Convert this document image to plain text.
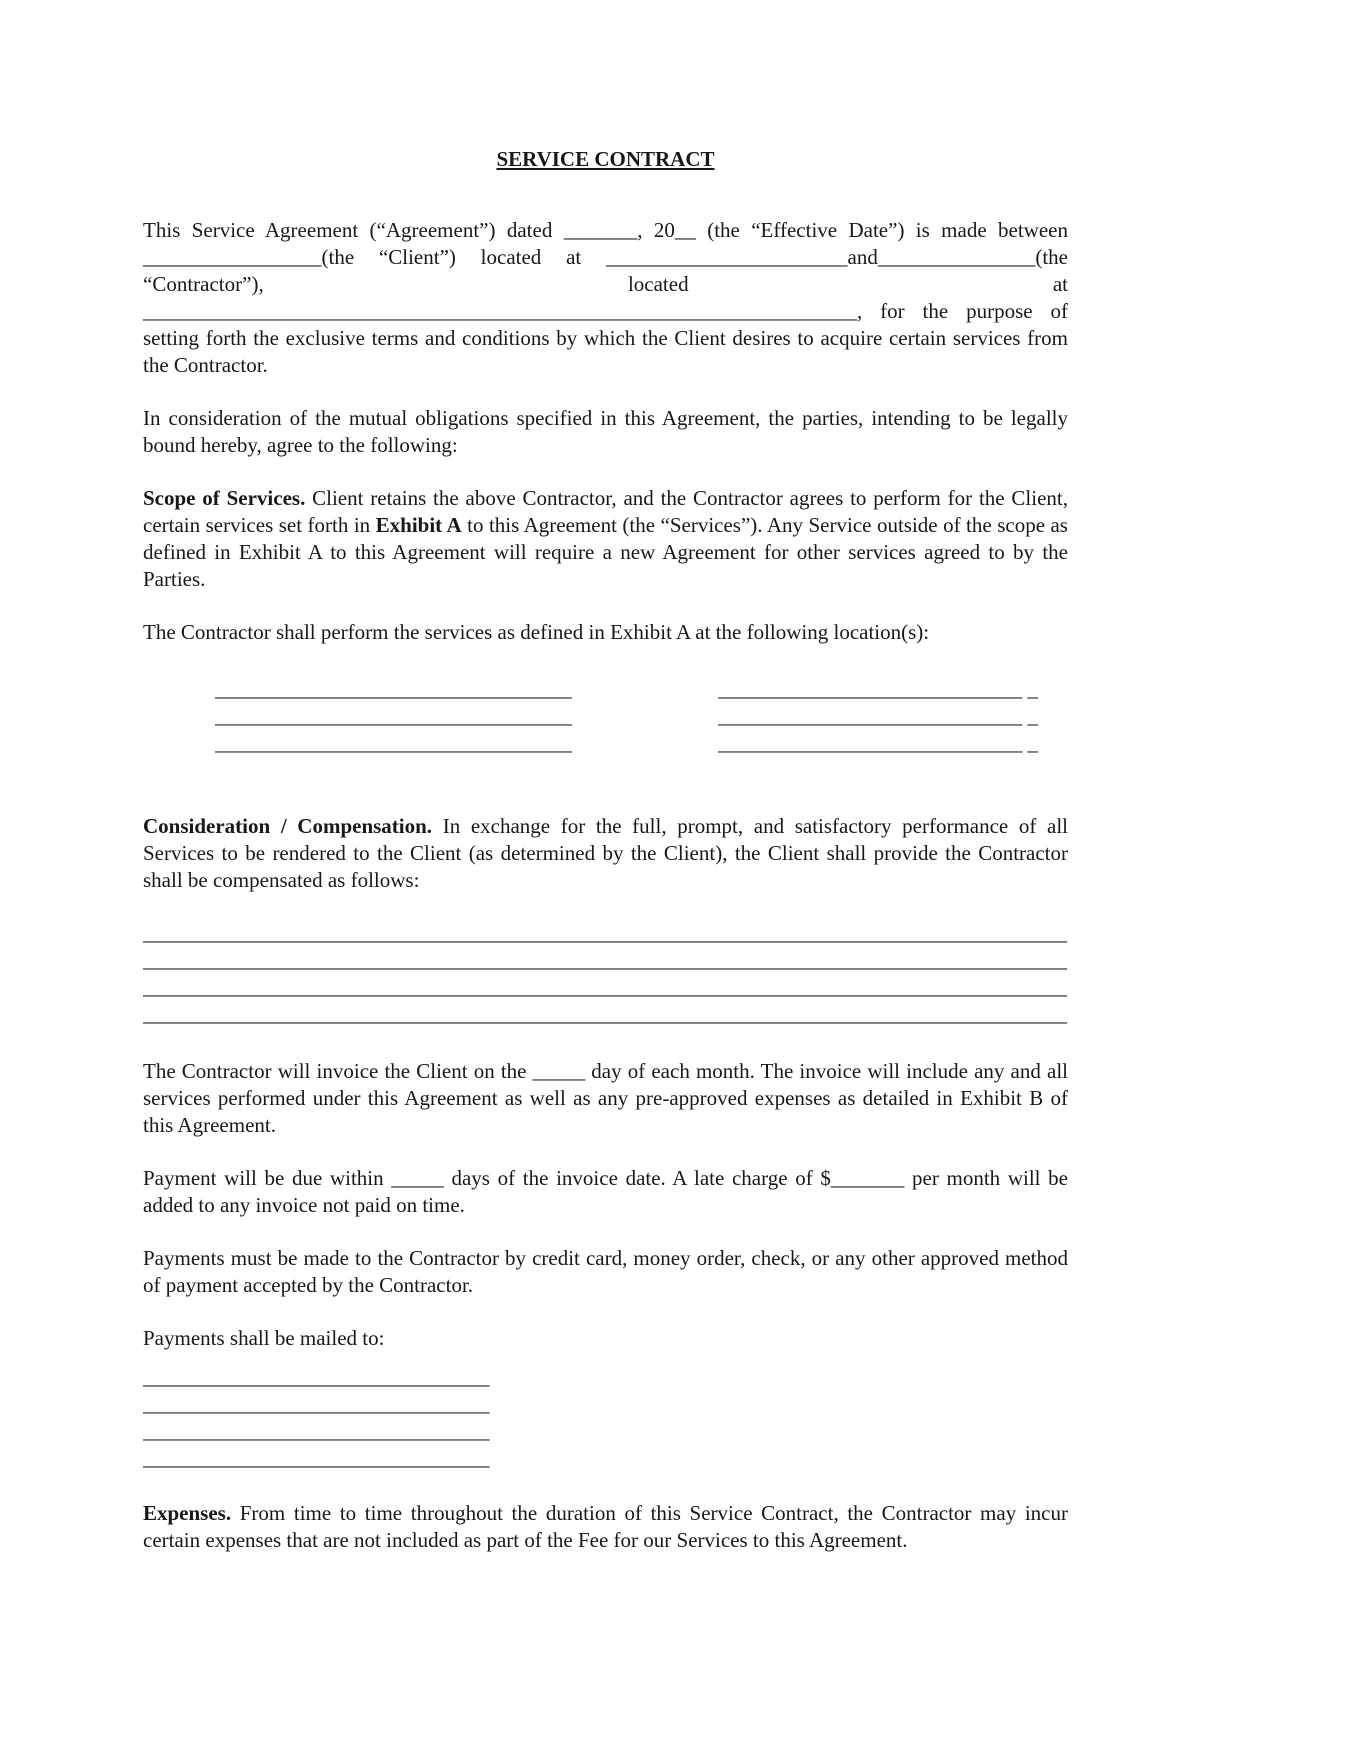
SERVICE CONTRACT

This Service Agreement (“Agreement”) dated _______, 20__ (the “Effective Date”) is made between _________________(the “Client”) located at _______________________and_______________(the “Contractor”), located at ____________________________________________________________________, for the purpose of setting forth the exclusive terms and conditions by which the Client desires to acquire certain services from the Contractor.

In consideration of the mutual obligations specified in this Agreement, the parties, intending to be legally bound hereby, agree to the following:

Scope of Services. Client retains the above Contractor, and the Contractor agrees to perform for the Client, certain services set forth in Exhibit A to this Agreement (the “Services”). Any Service outside of the scope as defined in Exhibit A to this Agreement will require a new Agreement for other services agreed to by the Parties.

The Contractor shall perform the services as defined in Exhibit A at the following location(s):

__________________________________
__________________________________
__________________________________
_____________________________ _
_____________________________ _
_____________________________ _

Consideration / Compensation. In exchange for the full, prompt, and satisfactory performance of all Services to be rendered to the Client (as determined by the Client), the Client shall provide the Contractor shall be compensated as follows:

________________________________________________________________________________________
________________________________________________________________________________________
________________________________________________________________________________________
________________________________________________________________________________________

The Contractor will invoice the Client on the _____ day of each month. The invoice will include any and all services performed under this Agreement as well as any pre-approved expenses as detailed in Exhibit B of this Agreement.

Payment will be due within _____ days of the invoice date. A late charge of $_______ per month will be added to any invoice not paid on time.

Payments must be made to the Contractor by credit card, money order, check, or any other approved method of payment accepted by the Contractor.

Payments shall be mailed to:

_________________________________
_________________________________
_________________________________
_________________________________

Expenses. From time to time throughout the duration of this Service Contract, the Contractor may incur certain expenses that are not included as part of the Fee for our Services to this Agreement.
